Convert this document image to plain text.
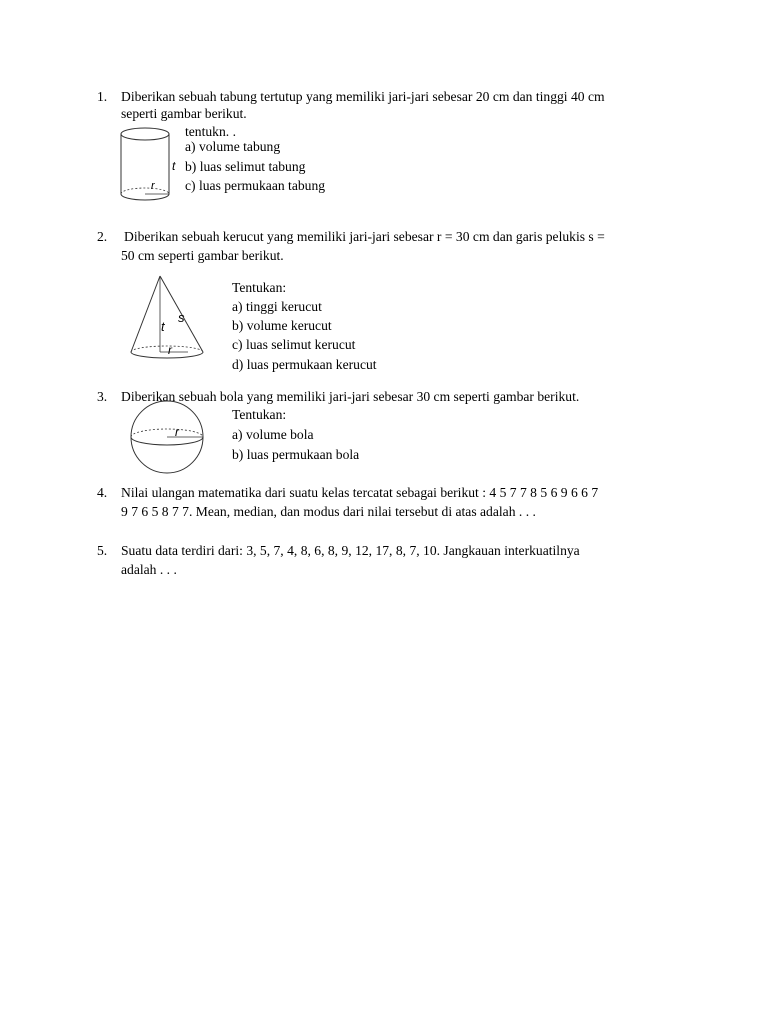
1. Diberikan sebuah tabung tertutup yang memiliki jari-jari sebesar 20 cm dan tinggi 40 cm
seperti gambar berikut.
tentukn. .
a) volume tabung
b) luas selimut tabung
c) luas permukaan tabung
t
r
2. Diberikan sebuah kerucut yang memiliki jari-jari sebesar r = 30 cm dan garis pelukis s =
50 cm seperti gambar berikut.
Tentukan:
a) tinggi kerucut
b) volume kerucut
c) luas selimut kerucut
d) luas permukaan kerucut
s
t
r
3. Diberikan sebuah bola yang memiliki jari-jari sebesar 30 cm seperti gambar berikut.
Tentukan:
a) volume bola
b) luas permukaan bola
r
4. Nilai ulangan matematika dari suatu kelas tercatat sebagai berikut : 4 5 7 7 8 5 6 9 6 6 7
9 7 6 5 8 7 7. Mean, median, dan modus dari nilai tersebut di atas adalah . . .
5. Suatu data terdiri dari: 3, 5, 7, 4, 8, 6, 8, 9, 12, 17, 8, 7, 10. Jangkauan interkuatilnya
adalah . . .
